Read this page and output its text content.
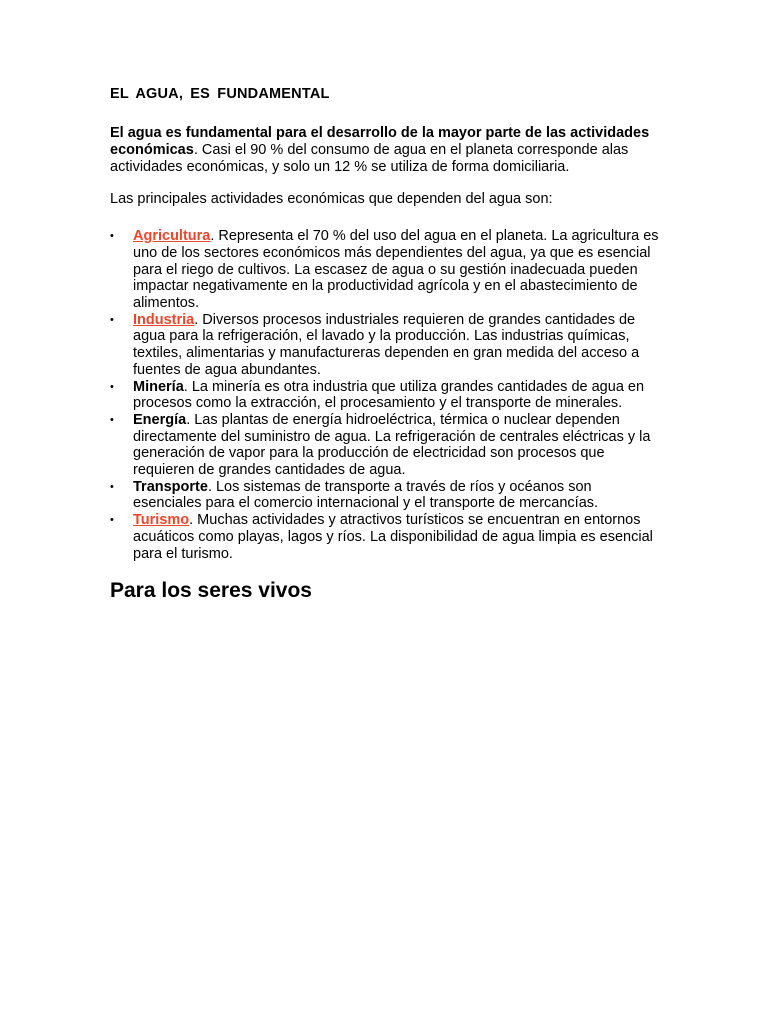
EL AGUA, ES FUNDAMENTAL

El agua es fundamental para el desarrollo de la mayor parte de las actividades económicas. Casi el 90 % del consumo de agua en el planeta corresponde alas actividades económicas, y solo un 12 % se utiliza de forma domiciliaria.

Las principales actividades económicas que dependen del agua son:

• Agricultura. Representa el 70 % del uso del agua en el planeta. La agricultura es uno de los sectores económicos más dependientes del agua, ya que es esencial para el riego de cultivos. La escasez de agua o su gestión inadecuada pueden impactar negativamente en la productividad agrícola y en el abastecimiento de alimentos.
• Industria. Diversos procesos industriales requieren de grandes cantidades de agua para la refrigeración, el lavado y la producción. Las industrias químicas, textiles, alimentarias y manufactureras dependen en gran medida del acceso a fuentes de agua abundantes.
• Minería. La minería es otra industria que utiliza grandes cantidades de agua en procesos como la extracción, el procesamiento y el transporte de minerales.
• Energía. Las plantas de energía hidroeléctrica, térmica o nuclear dependen directamente del suministro de agua. La refrigeración de centrales eléctricas y la generación de vapor para la producción de electricidad son procesos que requieren de grandes cantidades de agua.
• Transporte. Los sistemas de transporte a través de ríos y océanos son esenciales para el comercio internacional y el transporte de mercancías.
• Turismo. Muchas actividades y atractivos turísticos se encuentran en entornos acuáticos como playas, lagos y ríos. La disponibilidad de agua limpia es esencial para el turismo.
Para los seres vivos
